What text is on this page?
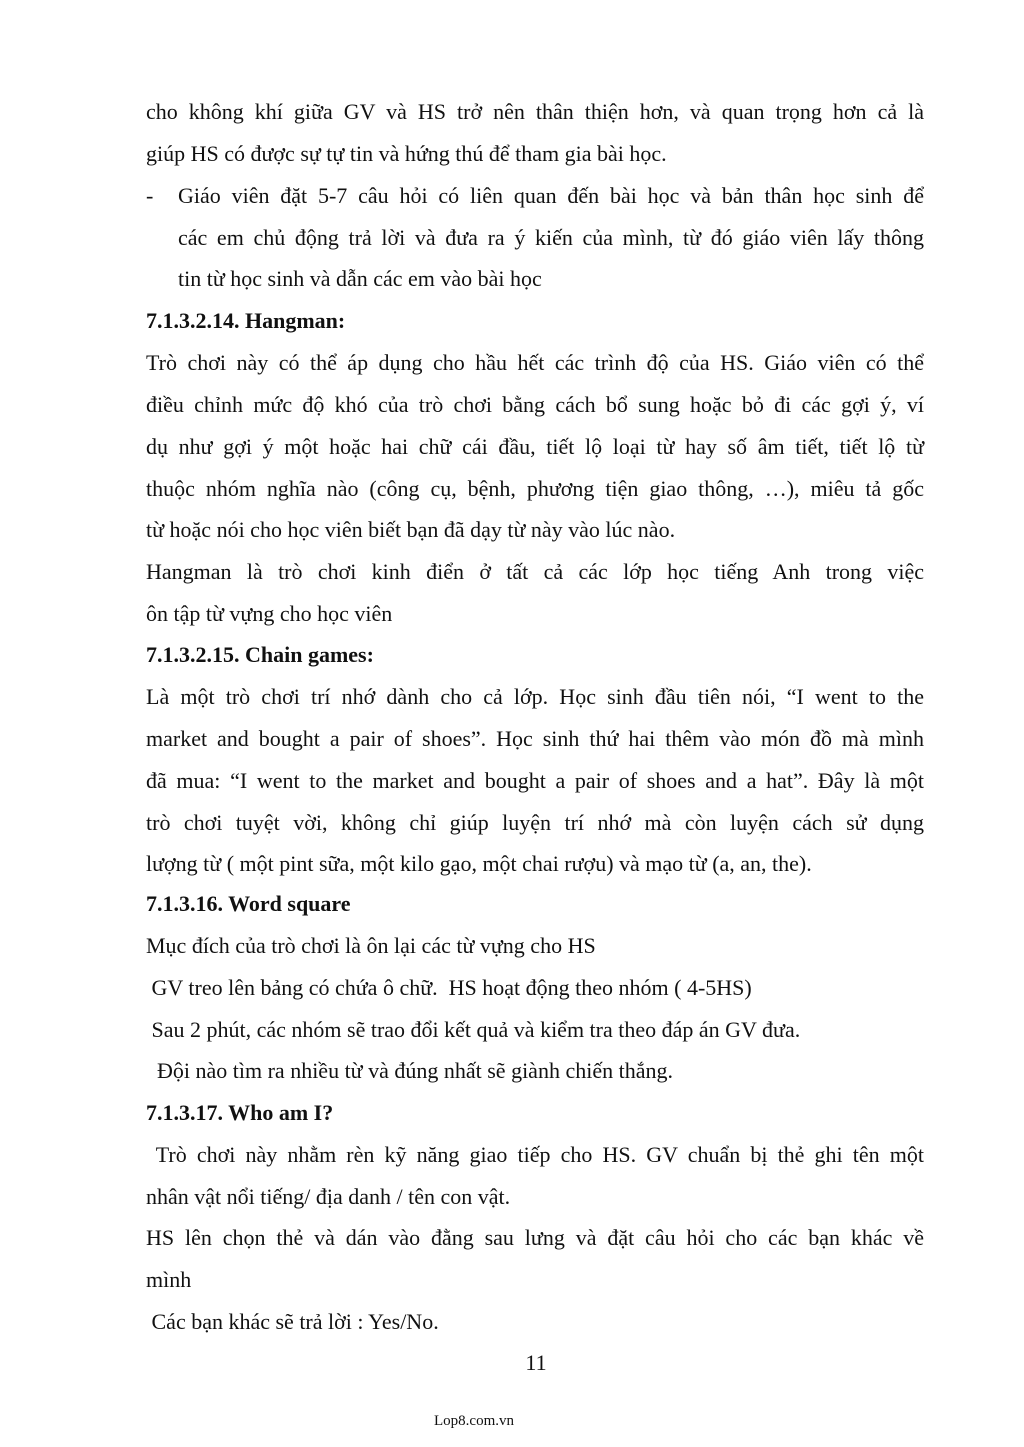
cho không khí giữa GV và HS trở nên thân thiện hơn, và quan trọng hơn cả là

giúp HS có được sự tự tin và hứng thú để tham gia bài học.

- Giáo viên đặt 5-7 câu hỏi có liên quan đến bài học và bản thân học sinh để

các em chủ động trả lời và đưa ra ý kiến của mình, từ đó giáo viên lấy thông

tin từ học sinh và dẫn các em vào bài học

7.1.3.2.14. Hangman:

Trò chơi này có thể áp dụng cho hầu hết các trình độ của HS. Giáo viên có thể

điều chỉnh mức độ khó của trò chơi bằng cách bổ sung hoặc bỏ đi các gợi ý, ví

dụ như gợi ý một hoặc hai chữ cái đầu, tiết lộ loại từ hay số âm tiết, tiết lộ từ

thuộc nhóm nghĩa nào (công cụ, bệnh, phương tiện giao thông, …), miêu tả gốc

từ hoặc nói cho học viên biết bạn đã dạy từ này vào lúc nào.

Hangman là trò chơi kinh điển ở tất cả các lớp học tiếng Anh trong việc

ôn tập từ vựng cho học viên

7.1.3.2.15. Chain games:

Là một trò chơi trí nhớ dành cho cả lớp. Học sinh đầu tiên nói, “I went to the

market and bought a pair of shoes”. Học sinh thứ hai thêm vào món đồ mà mình

đã mua: “I went to the market and bought a pair of shoes and a hat”. Đây là một

trò chơi tuyệt vời, không chỉ giúp luyện trí nhớ mà còn luyện cách sử dụng

lượng từ ( một pint sữa, một kilo gạo, một chai rượu) và mạo từ (a, an, the).

7.1.3.16. Word square

Mục đích của trò chơi là ôn lại các từ vựng cho HS

GV treo lên bảng có chứa ô chữ.  HS hoạt động theo nhóm ( 4-5HS)

Sau 2 phút, các nhóm sẽ trao đổi kết quả và kiểm tra theo đáp án GV đưa.

Đội nào tìm ra nhiều từ và đúng nhất sẽ giành chiến thắng.

7.1.3.17. Who am I?

Trò chơi này nhằm rèn kỹ năng giao tiếp cho HS. GV chuẩn bị thẻ ghi tên một

nhân vật nổi tiếng/ địa danh / tên con vật.

HS lên chọn thẻ và dán vào đằng sau lưng và đặt câu hỏi cho các bạn khác về

mình

Các bạn khác sẽ trả lời : Yes/No.

11
Lop8.com.vn
